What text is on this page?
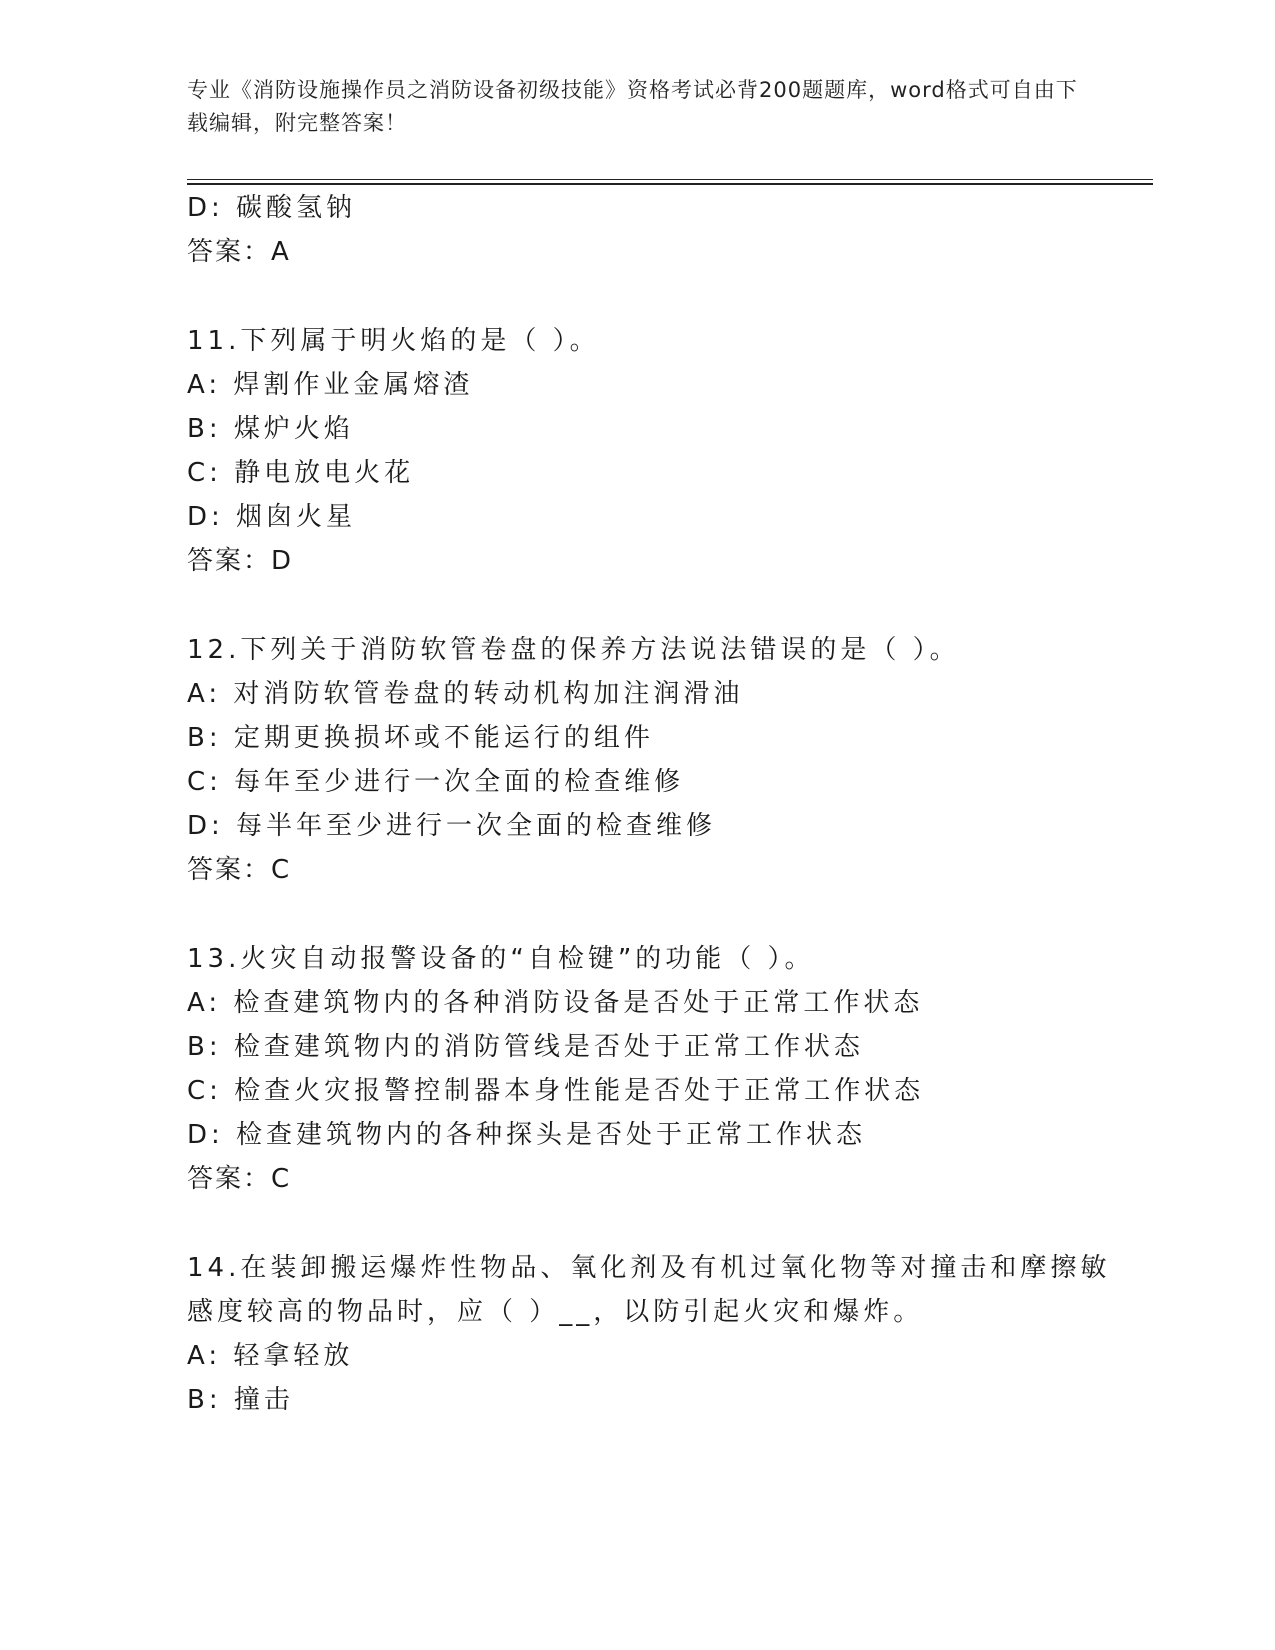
专业《消防设施操作员之消防设备初级技能》资格考试必背200题题库，word格式可自由下载编辑，附完整答案！
D: 碳酸氢钠
答案：A
11.下列属于明火焰的是（ ）。
A: 焊割作业金属熔渣
B: 煤炉火焰
C: 静电放电火花
D: 烟囱火星
答案：D
12.下列关于消防软管卷盘的保养方法说法错误的是（ ）。
A: 对消防软管卷盘的转动机构加注润滑油
B: 定期更换损坏或不能运行的组件
C: 每年至少进行一次全面的检查维修
D: 每半年至少进行一次全面的检查维修
答案：C
13.火灾自动报警设备的“自检键”的功能（ ）。
A: 检查建筑物内的各种消防设备是否处于正常工作状态
B: 检查建筑物内的消防管线是否处于正常工作状态
C: 检查火灾报警控制器本身性能是否处于正常工作状态
D: 检查建筑物内的各种探头是否处于正常工作状态
答案：C
14.在装卸搬运爆炸性物品、氧化剂及有机过氧化物等对撞击和摩擦敏
感度较高的物品时，应（ ）__，以防引起火灾和爆炸。
A: 轻拿轻放
B: 撞击
